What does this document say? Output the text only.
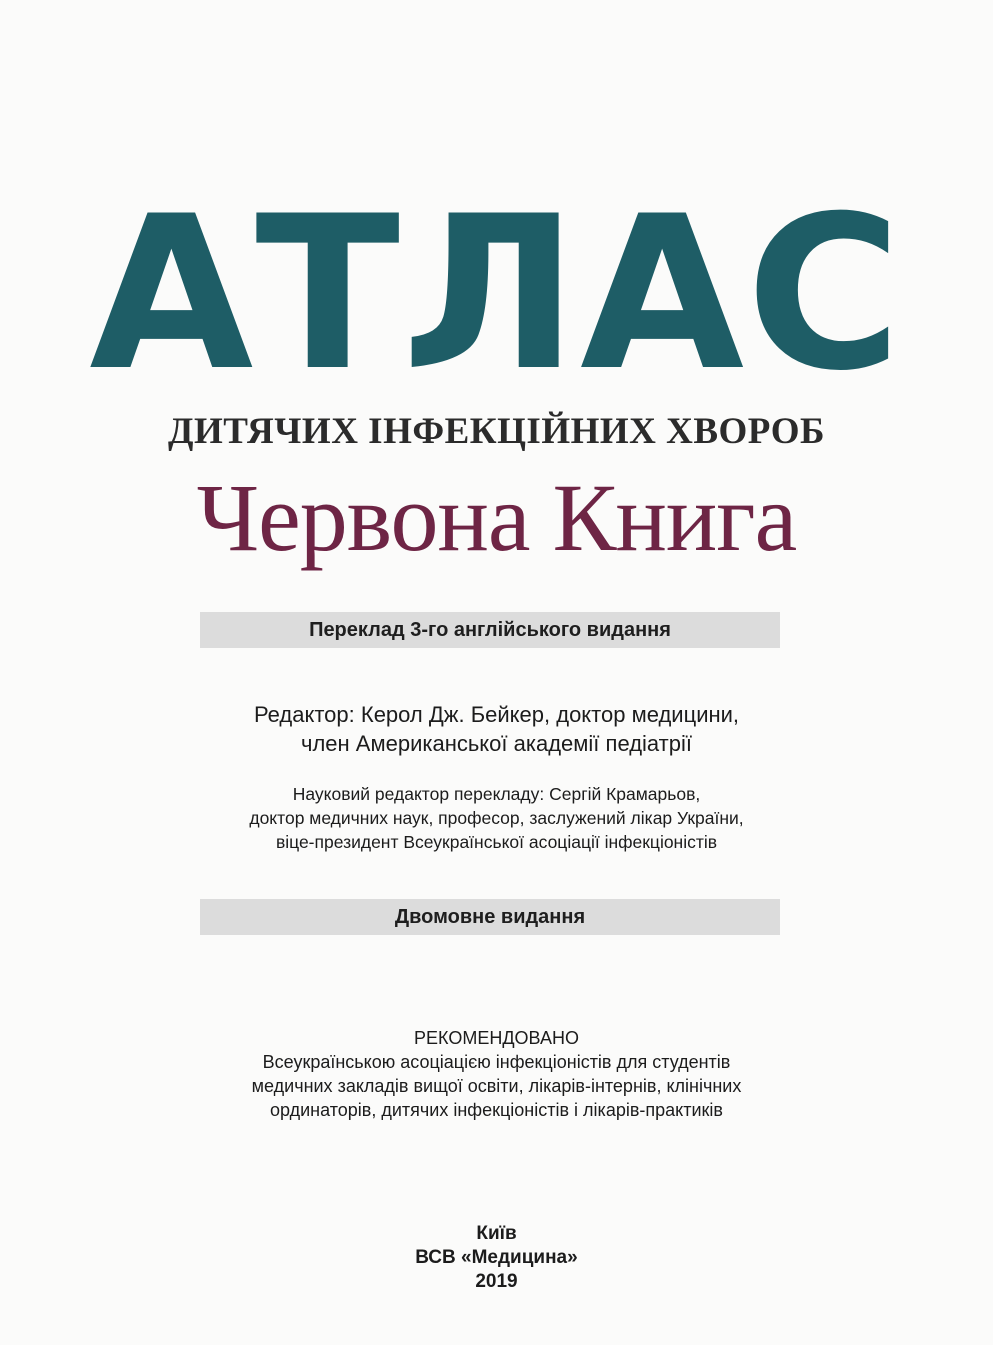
АТЛАС
ДИТЯЧИХ ІНФЕКЦІЙНИХ ХВОРОБ
Червона Книга
Переклад 3-го англійського видання
Редактор: Керол Дж. Бейкер, доктор медицини,
член Американської академії педіатрії
Науковий редактор перекладу: Сергій Крамарьов,
доктор медичних наук, професор, заслужений лікар України,
віце-президент Всеукраїнської асоціації інфекціоністів
Двомовне видання
РЕКОМЕНДОВАНО
Всеукраїнською асоціацією інфекціоністів для студентів
медичних закладів вищої освіти, лікарів-інтернів, клінічних
ординаторів, дитячих інфекціоністів і лікарів-практиків
Київ
ВСВ «Медицина»
2019
